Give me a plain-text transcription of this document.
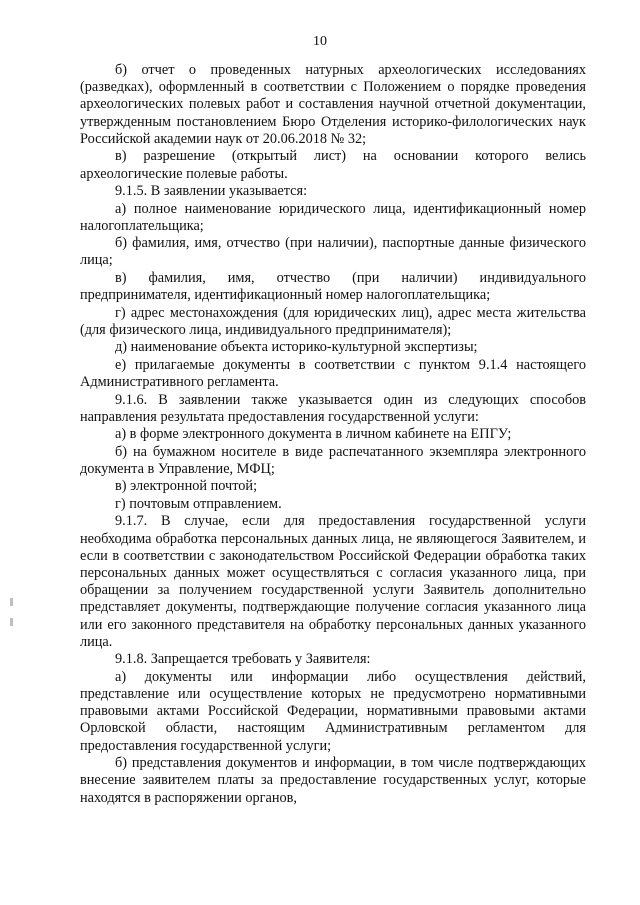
10

б) отчет о проведенных натурных археологических исследованиях (разведках), оформленный в соответствии с Положением о порядке проведения археологических полевых работ и составления научной отчетной документации, утвержденным постановлением Бюро Отделения историко-филологических наук Российской академии наук от 20.06.2018 № 32;

в) разрешение (открытый лист) на основании которого велись археологические полевые работы.

9.1.5. В заявлении указывается:

а) полное наименование юридического лица, идентификационный номер налогоплательщика;

б) фамилия, имя, отчество (при наличии), паспортные данные физического лица;

в) фамилия, имя, отчество (при наличии) индивидуального предпринимателя, идентификационный номер налогоплательщика;

г) адрес местонахождения (для юридических лиц), адрес места жительства (для физического лица, индивидуального предпринимателя);

д) наименование объекта историко-культурной экспертизы;

е) прилагаемые документы в соответствии с пунктом 9.1.4 настоящего Административного регламента.

9.1.6. В заявлении также указывается один из следующих способов направления результата предоставления государственной услуги:

а) в форме электронного документа в личном кабинете на ЕПГУ;

б) на бумажном носителе в виде распечатанного экземпляра электронного документа в Управление, МФЦ;

в) электронной почтой;

г) почтовым отправлением.

9.1.7. В случае, если для предоставления государственной услуги необходима обработка персональных данных лица, не являющегося Заявителем, и если в соответствии с законодательством Российской Федерации обработка таких персональных данных может осуществляться с согласия указанного лица, при обращении за получением государственной услуги Заявитель дополнительно представляет документы, подтверждающие получение согласия указанного лица или его законного представителя на обработку персональных данных указанного лица.

9.1.8. Запрещается требовать у Заявителя:

а) документы или информации либо осуществления действий, представление или осуществление которых не предусмотрено нормативными правовыми актами Российской Федерации, нормативными правовыми актами Орловской области, настоящим Административным регламентом для предоставления государственной услуги;

б) представления документов и информации, в том числе подтверждающих внесение заявителем платы за предоставление государственных услуг, которые находятся в распоряжении органов,
